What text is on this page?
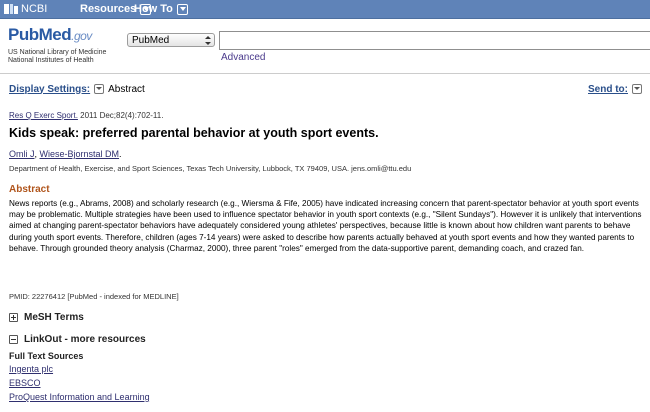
NCBI	Resources
How To
PubMed.gov
US National Library of Medicine
National Institutes of Health
PubMed
Advanced
Display Settings: Abstract	Send to:
Res Q Exerc Sport. 2011 Dec;82(4):702-11.
Kids speak: preferred parental behavior at youth sport events.
Omli J, Wiese-Bjornstal DM.
Department of Health, Exercise, and Sport Sciences, Texas Tech University, Lubbock, TX 79409, USA. jens.omli@ttu.edu
Abstract

News reports (e.g., Abrams, 2008) and scholarly research (e.g., Wiersma & Fife, 2005) have indicated increasing concern that parent-spectator behavior at youth sport events may be problematic. Multiple strategies have been used to influence spectator behavior in youth sport contexts (e.g., "Silent Sundays"). However it is unlikely that interventions aimed at changing parent-spectator behaviors have adequately considered young athletes' perspectives, because little is known about how children want parents to behave during youth sport events. Therefore, children (ages 7-14 years) were asked to describe how parents actually behaved at youth sport events and how they wanted parents to behave. Through grounded theory analysis (Charmaz, 2000), three parent "roles" emerged from the data-supportive parent, demanding coach, and crazed fan.

PMID: 22276412 [PubMed - indexed for MEDLINE]
MeSH Terms
LinkOut - more resources
Full Text Sources
Ingenta plc
EBSCO
ProQuest Information and Learning
